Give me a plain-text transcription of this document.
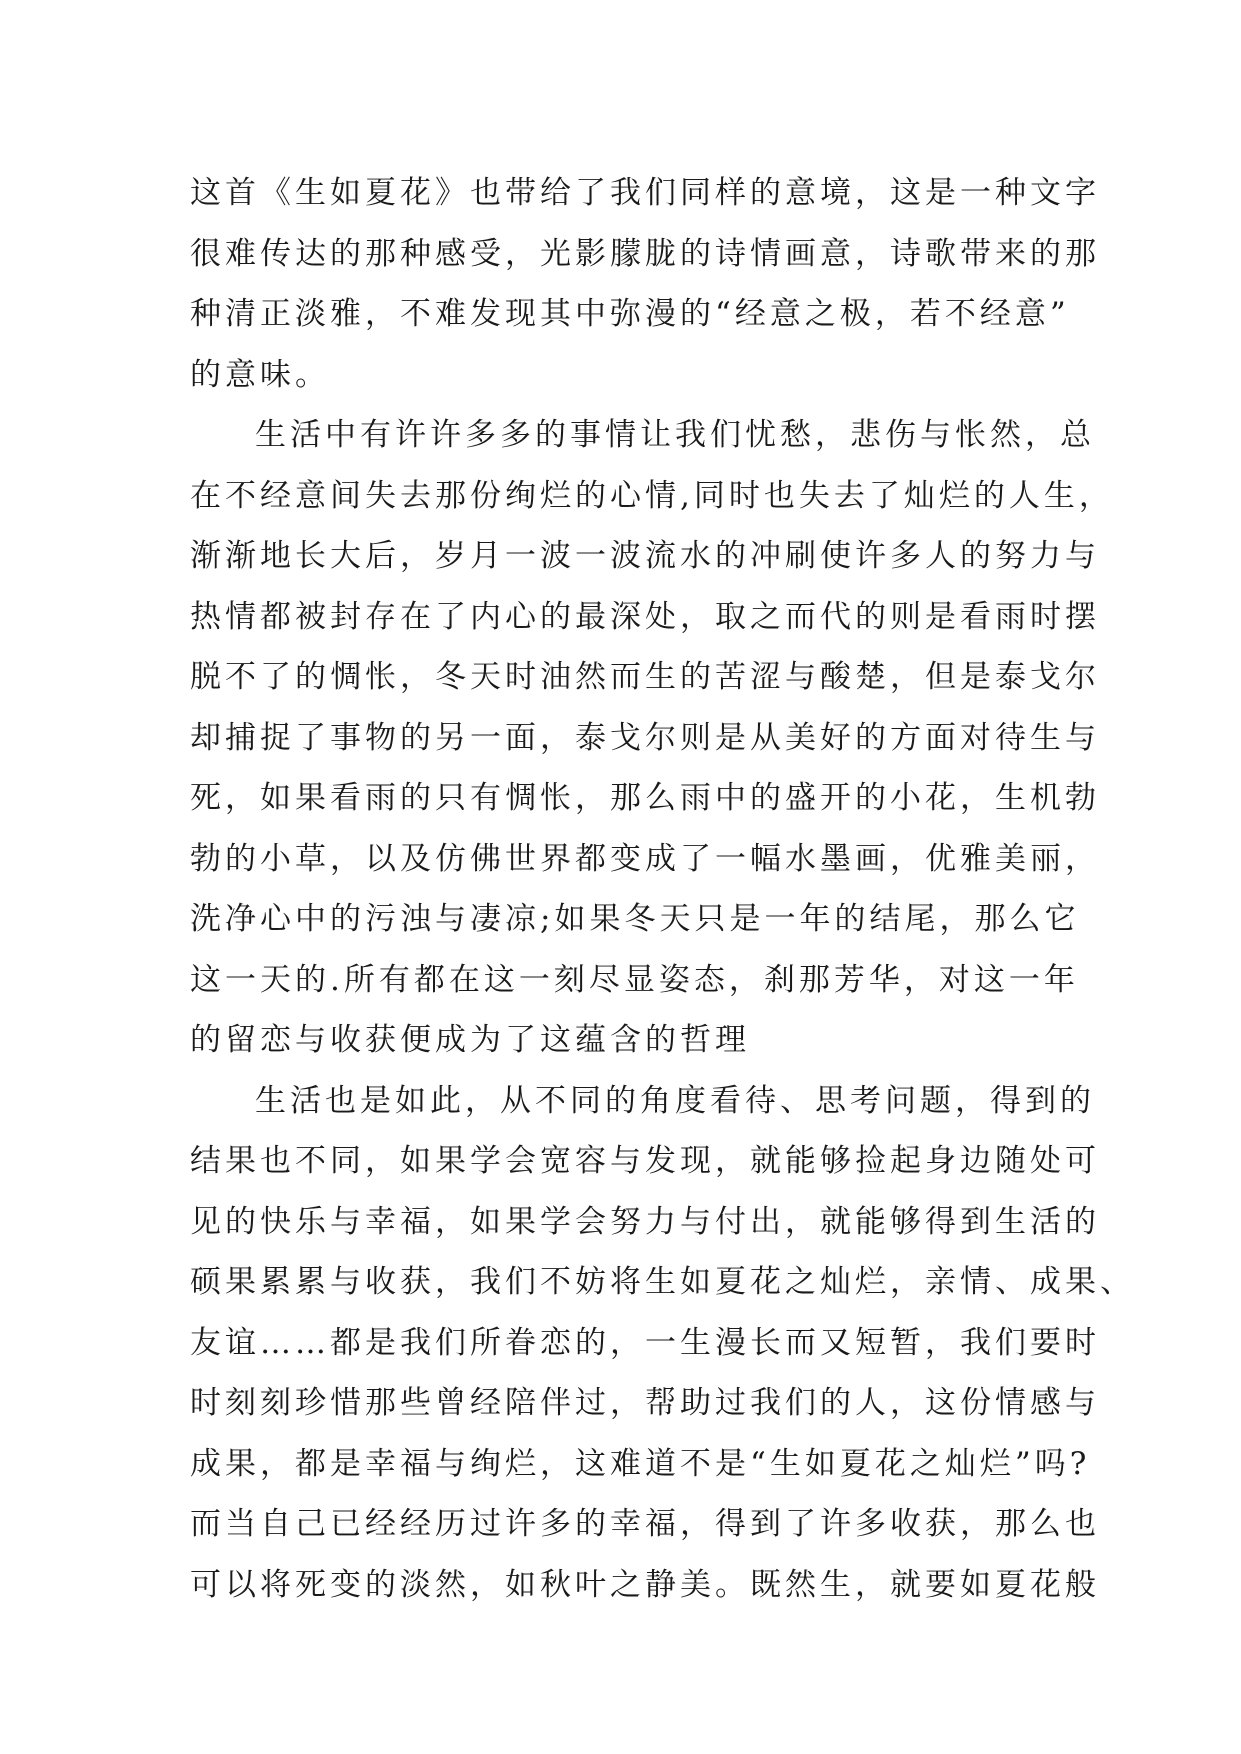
这首《生如夏花》也带给了我们同样的意境，这是一种文字
很难传达的那种感受，光影朦胧的诗情画意，诗歌带来的那
种清正淡雅，不难发现其中弥漫的“经意之极，若不经意”
的意味。
生活中有许许多多的事情让我们忧愁，悲伤与怅然，总
在不经意间失去那份绚烂的心情,同时也失去了灿烂的人生，
渐渐地长大后，岁月一波一波流水的冲刷使许多人的努力与
热情都被封存在了内心的最深处，取之而代的则是看雨时摆
脱不了的惆怅，冬天时油然而生的苦涩与酸楚，但是泰戈尔
却捕捉了事物的另一面，泰戈尔则是从美好的方面对待生与
死，如果看雨的只有惆怅，那么雨中的盛开的小花，生机勃
勃的小草，以及仿佛世界都变成了一幅水墨画，优雅美丽，
洗净心中的污浊与凄凉;如果冬天只是一年的结尾，那么它
这一天的.所有都在这一刻尽显姿态，刹那芳华，对这一年
的留恋与收获便成为了这蕴含的哲理
生活也是如此，从不同的角度看待、思考问题，得到的
结果也不同，如果学会宽容与发现，就能够捡起身边随处可
见的快乐与幸福，如果学会努力与付出，就能够得到生活的
硕果累累与收获，我们不妨将生如夏花之灿烂，亲情、成果、
友谊……都是我们所眷恋的，一生漫长而又短暂，我们要时
时刻刻珍惜那些曾经陪伴过，帮助过我们的人，这份情感与
成果，都是幸福与绚烂，这难道不是“生如夏花之灿烂”吗?
而当自己已经经历过许多的幸福，得到了许多收获，那么也
可以将死变的淡然，如秋叶之静美。既然生，就要如夏花般
